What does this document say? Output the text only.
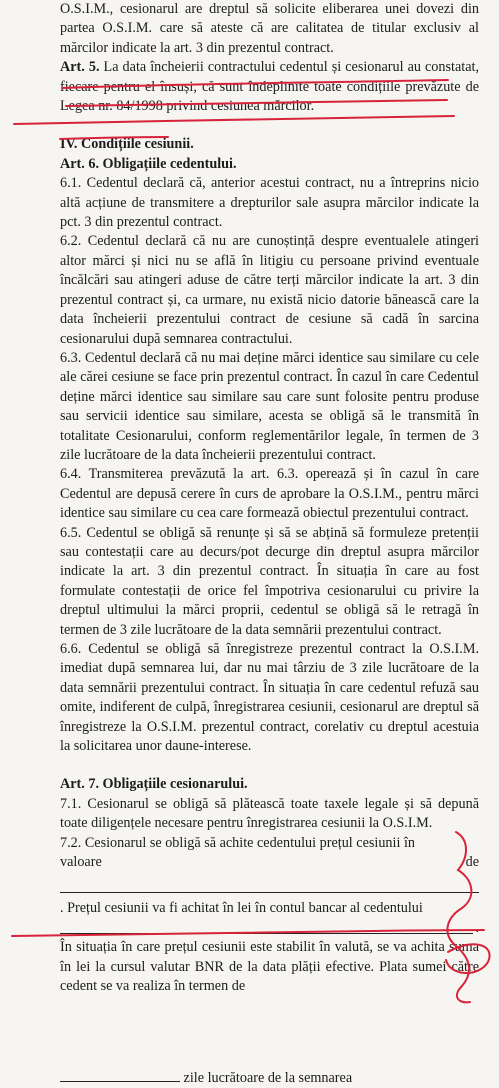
O.S.I.M., cesionarul are dreptul să solicite eliberarea unei dovezi din partea O.S.I.M. care să ateste că are calitatea de titular exclusiv al mărcilor indicate la art. 3 din prezentul contract.

Art. 5. La data încheierii contractului cedentul și cesionarul au constatat, fiecare pentru el însuși, că sunt îndeplinite toate condițiile prevăzute de Legea nr. 84/1998 privind cesiunea mărcilor.

IV. Condițiile cesiunii.

Art. 6. Obligațiile cedentului.

6.1. Cedentul declară că, anterior acestui contract, nu a întreprins nicio altă acțiune de transmitere a drepturilor sale asupra mărcilor indicate la pct. 3 din prezentul contract.

6.2. Cedentul declară că nu are cunoștință despre eventualele atingeri altor mărci și nici nu se află în litigiu cu persoane privind eventuale încălcări sau atingeri aduse de către terți mărcilor indicate la art. 3 din prezentul contract și, ca urmare, nu există nicio datorie bănească care la data încheierii prezentului contract de cesiune să cadă în sarcina cesionarului după semnarea contractului.

6.3. Cedentul declară că nu mai deține mărci identice sau similare cu cele ale cărei cesiune se face prin prezentul contract. În cazul în care Cedentul deține mărci identice sau similare sau care sunt folosite pentru produse sau servicii identice sau similare, acesta se obligă să le transmită în totalitate Cesionarului, conform reglementărilor legale, în termen de 3 zile lucrătoare de la data încheierii prezentului contract.

6.4. Transmiterea prevăzută la art. 6.3. operează și în cazul în care Cedentul are depusă cerere în curs de aprobare la O.S.I.M., pentru mărci identice sau similare cu cea care formează obiectul prezentului contract.

6.5. Cedentul se obligă să renunțe și să se abțină să formuleze pretenții sau contestații care au decurs/pot decurge din dreptul asupra mărcilor indicate la art. 3 din prezentul contract. În situația în care au fost formulate contestații de orice fel împotriva cesionarului cu privire la dreptul ultimului la mărci proprii, cedentul se obligă să le retragă în termen de 3 zile lucrătoare de la data semnării prezentului contract.

6.6. Cedentul se obligă să înregistreze prezentul contract la O.S.I.M. imediat după semnarea lui, dar nu mai târziu de 3 zile lucrătoare de la data semnării prezentului contract. În situația în care cedentul refuză sau omite, indiferent de culpă, înregistrarea cesiunii, cesionarul are dreptul să înregistreze la O.S.I.M. prezentul contract, corelativ cu dreptul acestuia la solicitarea unor daune-interese.

Art. 7. Obligațiile cesionarului.

7.1. Cesionarul se obligă să plătească toate taxele legale și să depună toate diligențele necesare pentru înregistrarea cesiunii la O.S.I.M.

7.2. Cesionarul se obligă să achite cedentului prețul cesiunii în

valoare	de

. Prețul cesiunii va fi achitat în lei în contul bancar al cedentului

.

În situația în care prețul cesiunii este stabilit în valută, se va achita suma în lei la cursul valutar BNR de la data plății efective. Plata sumei către cedent se va realiza în termen de

zile lucrătoare de la semnarea
